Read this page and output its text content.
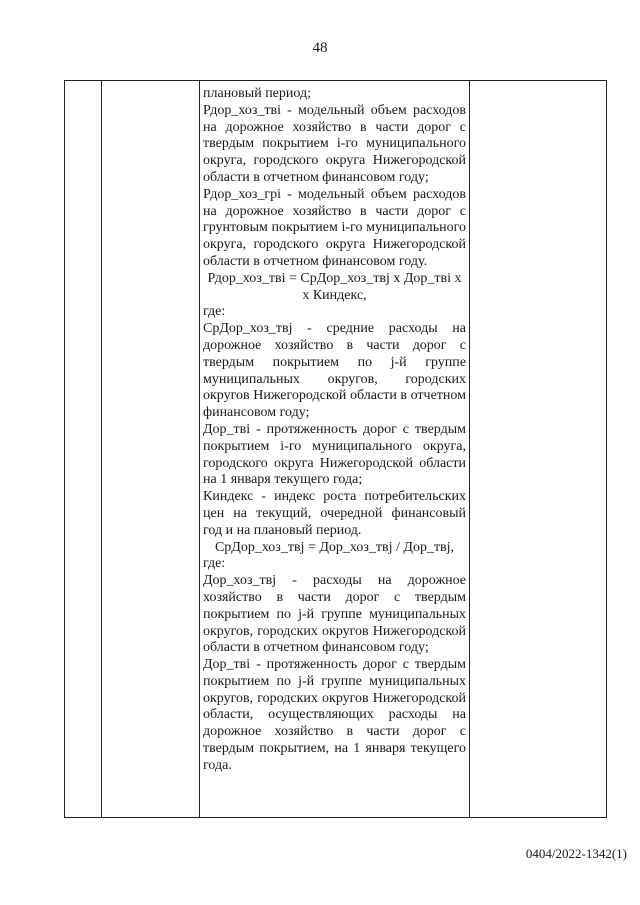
48

плановый период;

Рдор_хоз_тві - модельный объем расходов на дорожное хозяйство в части дорог с твердым покрытием i-го муниципального округа, городского округа Нижегородской области в отчетном финансовом году;

Рдор_хоз_грі - модельный объем расходов на дорожное хозяйство в части дорог с грунтовым покрытием i-го муниципального округа, городского округа Нижегородской области в отчетном финансовом году.

Рдор_хоз_тві = СрДор_хоз_твj х Дор_тві х х Киндекс,

где:

СрДор_хоз_твj - средние расходы на дорожное хозяйство в части дорог с твердым покрытием по j-й группе муниципальных округов, городских округов Нижегородской области в отчетном финансовом году;

Дор_тві - протяженность дорог с твердым покрытием i-го муниципального округа, городского округа Нижегородской области на 1 января текущего года;

Киндекс - индекс роста потребительских цен на текущий, очередной финансовый год и на плановый период.

СрДор_хоз_твj = Дор_хоз_твj / Дор_твj,

где:

Дор_хоз_твj - расходы на дорожное хозяйство в части дорог с твердым покрытием по j-й группе муниципальных округов, городских округов Нижегородской области в отчетном финансовом году;

Дор_тві - протяженность дорог с твердым покрытием по j-й группе муниципальных округов, городских округов Нижегородской области, осуществляющих расходы на дорожное хозяйство в части дорог с твердым покрытием, на 1 января текущего года.

0404/2022-1342(1)
